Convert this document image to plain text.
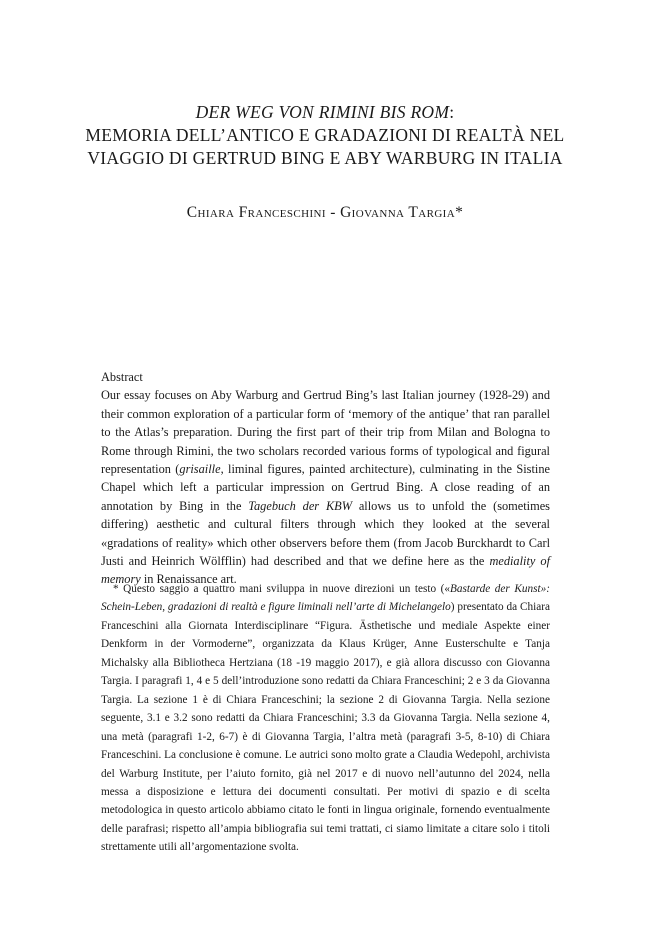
DER WEG VON RIMINI BIS ROM:
MEMORIA DELL’ANTICO E GRADAZIONI DI REALTÀ NEL
VIAGGIO DI GERTRUD BING E ABY WARBURG IN ITALIA
Chiara Franceschini - Giovanna Targia*
Abstract
Our essay focuses on Aby Warburg and Gertrud Bing’s last Italian journey (1928-29) and their common exploration of a particular form of ‘memory of the antique’ that ran parallel to the Atlas’s preparation. During the first part of their trip from Milan and Bologna to Rome through Rimini, the two scholars recorded various forms of typological and figural representation (grisaille, liminal figures, painted architecture), culminating in the Sistine Chapel which left a particular impression on Gertrud Bing. A close reading of an annotation by Bing in the Tagebuch der KBW allows us to unfold the (sometimes differing) aesthetic and cultural filters through which they looked at the several «gradations of reality» which other observers before them (from Jacob Burckhardt to Carl Justi and Heinrich Wölfflin) had described and that we define here as the mediality of memory in Renaissance art.
* Questo saggio a quattro mani sviluppa in nuove direzioni un testo («Bastarde der Kunst»: Schein-Leben, gradazioni di realtà e figure liminali nell’arte di Michelangelo) presentato da Chiara Franceschini alla Giornata Interdisciplinare “Figura. Ästhetische und mediale Aspekte einer Denkform in der Vormoderne”, organizzata da Klaus Krüger, Anne Eusterschulte e Tanja Michalsky alla Bibliotheca Hertziana (18 -19 maggio 2017), e già allora discusso con Giovanna Targia. I paragrafi 1, 4 e 5 dell’introduzione sono redatti da Chiara Franceschini; 2 e 3 da Giovanna Targia. La sezione 1 è di Chiara Franceschini; la sezione 2 di Giovanna Targia. Nella sezione seguente, 3.1 e 3.2 sono redatti da Chiara Franceschini; 3.3 da Giovanna Targia. Nella sezione 4, una metà (paragrafi 1-2, 6-7) è di Giovanna Targia, l’altra metà (paragrafi 3-5, 8-10) di Chiara Franceschini. La conclusione è comune. Le autrici sono molto grate a Claudia Wedepohl, archivista del Warburg Institute, per l’aiuto fornito, già nel 2017 e di nuovo nell’autunno del 2024, nella messa a disposizione e lettura dei documenti consultati. Per motivi di spazio e di scelta metodologica in questo articolo abbiamo citato le fonti in lingua originale, fornendo eventualmente delle parafrasi; rispetto all’ampia bibliografia sui temi trattati, ci siamo limitate a citare solo i titoli strettamente utili all’argomentazione svolta.
